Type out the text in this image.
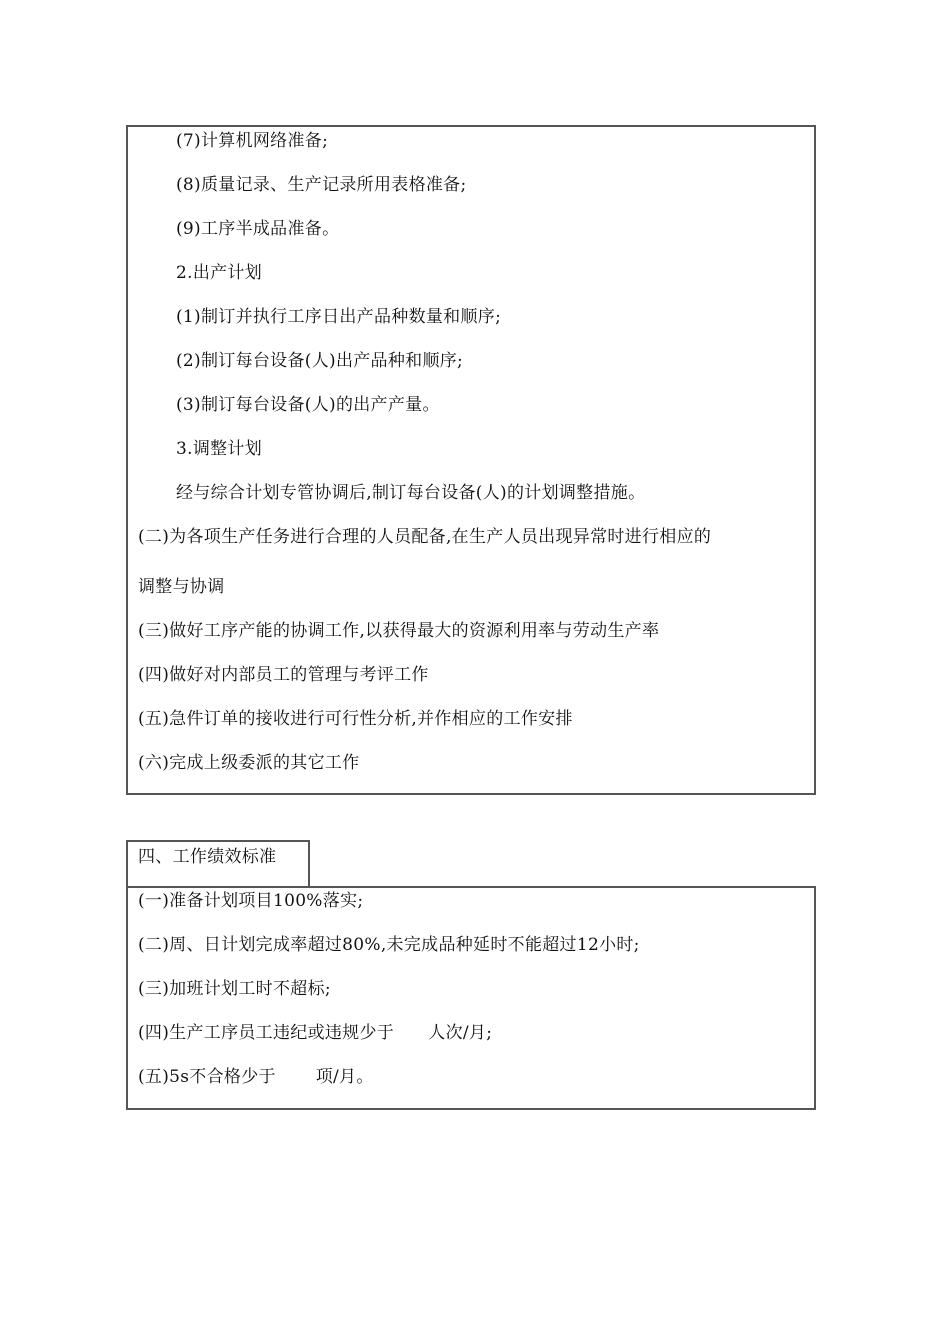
(7)计算机网络准备;
(8)质量记录、生产记录所用表格准备;
(9)工序半成品准备。
2.出产计划
(1)制订并执行工序日出产品种数量和顺序;
(2)制订每台设备(人)出产品种和顺序;
(3)制订每台设备(人)的出产产量。
3.调整计划
经与综合计划专管协调后,制订每台设备(人)的计划调整措施。
(二)为各项生产任务进行合理的人员配备,在生产人员出现异常时进行相应的
调整与协调
(三)做好工序产能的协调工作,以获得最大的资源利用率与劳动生产率
(四)做好对内部员工的管理与考评工作
(五)急件订单的接收进行可行性分析,并作相应的工作安排
(六)完成上级委派的其它工作
四、工作绩效标准
(一)准备计划项目100%落实;
(二)周、日计划完成率超过80%,未完成品种延时不能超过12小时;
(三)加班计划工时不超标;
(四)生产工序员工违纪或违规少于      人次/月;
(五)5s不合格少于       项/月。
